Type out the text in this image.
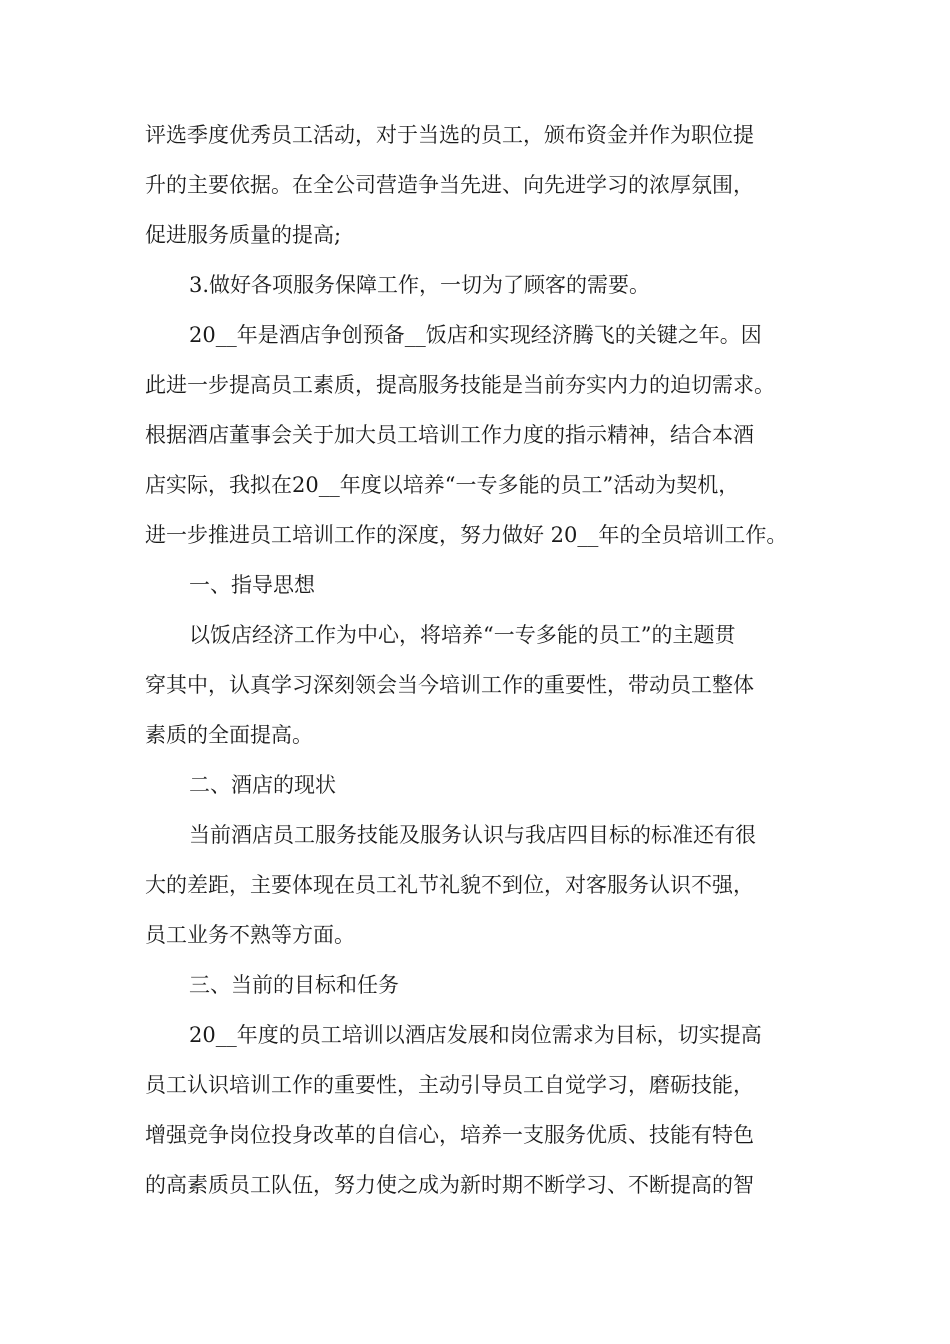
评选季度优秀员工活动，对于当选的员工，颁布资金并作为职位提
升的主要依据。在全公司营造争当先进、向先进学习的浓厚氛围，
促进服务质量的提高;
3.做好各项服务保障工作，一切为了顾客的需要。
20__年是酒店争创预备__饭店和实现经济腾飞的关键之年。因
此进一步提高员工素质，提高服务技能是当前夯实内力的迫切需求。
根据酒店董事会关于加大员工培训工作力度的指示精神，结合本酒
店实际，我拟在20__年度以培养“一专多能的员工”活动为契机，
进一步推进员工培训工作的深度，努力做好 20__年的全员培训工作。
一、指导思想
以饭店经济工作为中心，将培养“一专多能的员工”的主题贯
穿其中，认真学习深刻领会当今培训工作的重要性，带动员工整体
素质的全面提高。
二、酒店的现状
当前酒店员工服务技能及服务认识与我店四目标的标准还有很
大的差距，主要体现在员工礼节礼貌不到位，对客服务认识不强，
员工业务不熟等方面。
三、当前的目标和任务
20__年度的员工培训以酒店发展和岗位需求为目标，切实提高
员工认识培训工作的重要性，主动引导员工自觉学习，磨砺技能，
增强竞争岗位投身改革的自信心，培养一支服务优质、技能有特色
的高素质员工队伍，努力使之成为新时期不断学习、不断提高的智
